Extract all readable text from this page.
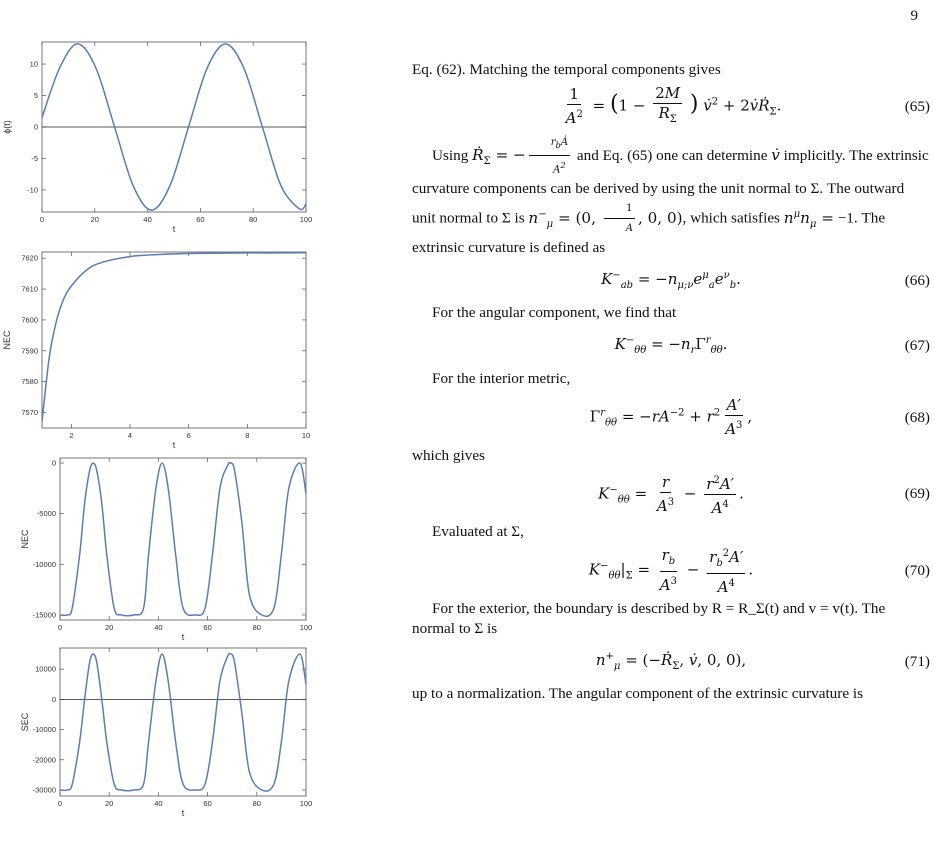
9
0	20	40	60	80	100
10
5
0
-5
-10
t
ϕ(t)
2	4	6	8	10
7620
7610
7600
7590
7580
7570
t
NEC
0	20	40	60	80	100
0
-5000
-10000
-15000
t
NEC
0	20	40	60	80	100
10000
0
-10000
-20000
-30000
t
SEC

Eq. (62). Matching the temporal components gives

$\frac{1}{A^2} = (1 - \frac{2M}{R_\Sigma}$ ) v̇$^2$ + 2v̇Ṙ$_\Sigma$.	(65)

Using Ṙ$_\Sigma$ = − $\frac{r_bȦ}{A^2}$ and Eq. (65) one can determine v̇ implicitly. The extrinsic curvature components can be derived by using the unit normal to Σ. The outward unit normal to Σ is $n^-_\mu = (0$, $\frac{1}{A}$ , 0, 0), which satisfies $n^\mu n_\mu = -1$. The extrinsic curvature is defined as

$K^-_{ab} = -n_{\mu;\nu}e^\mu_ae^\nu_b$.	(66)

For the angular component, we find that

$K^-_{\theta\theta} = -n_r\Gamma^r_{\theta\theta}$.	(67)

For the interior metric,

$\Gamma^r_{\theta\theta} = -rA^{-2} + r^2 \frac{A'}{A^3}$ ,	(68)

which gives

$K^-_{\theta\theta} = \frac{r}{A^3} - \frac{r^2A'}{A^4}$ .	(69)

Evaluated at Σ,

$K^-_{\theta\theta}|_\Sigma = \frac{r_b}{A^3} - \frac{r_b^2A'}{A^4}$ .	(70)

For the exterior, the boundary is described by R = R_Σ(t) and v = v(t). The normal to Σ is

$n^+_\mu$ = (−Ṙ$_\Sigma$, v̇, 0, 0),	(71)

up to a normalization. The angular component of the extrinsic curvature is
